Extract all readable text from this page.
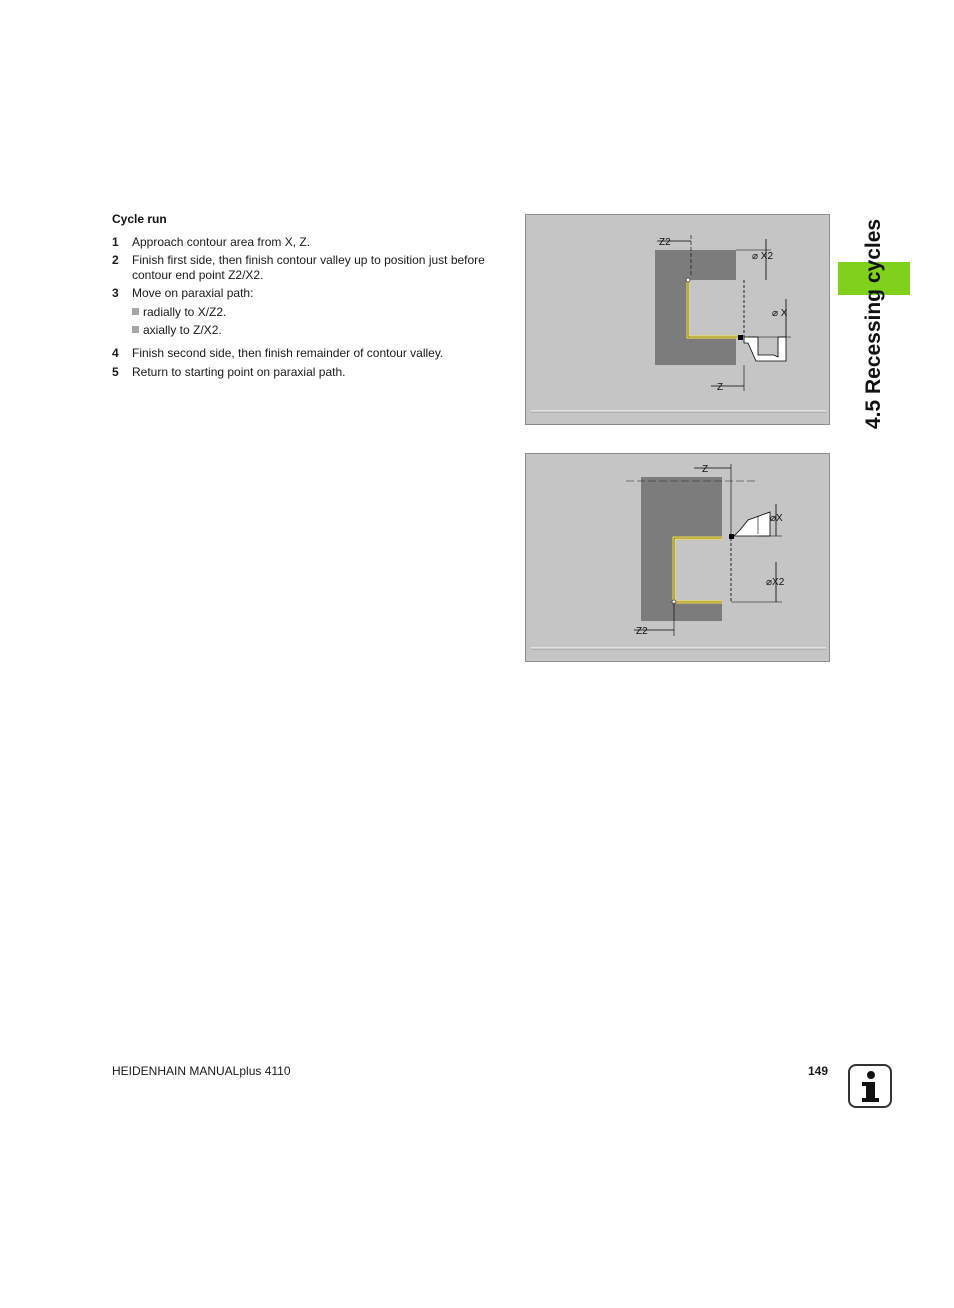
Cycle run
1 Approach contour area from X, Z.
2 Finish first side, then finish contour valley up to position just before contour end point Z2/X2.
3 Move on paraxial path:
radially to X/Z2.
axially to Z/X2.
4 Finish second side, then finish remainder of contour valley.
5 Return to starting point on paraxial path.
Z2
⌀ X2
⌀ X
Z
Z
⌀X
⌀X2
Z2
4.5 Recessing cycles
HEIDENHAIN MANUALplus 4110	149
